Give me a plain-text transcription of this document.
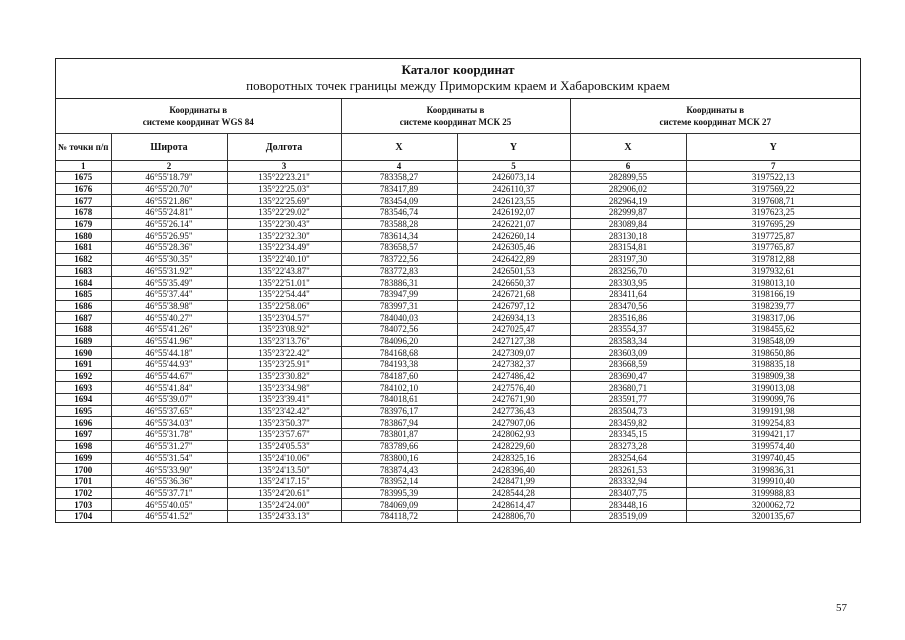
Каталог координат
поворотных точек границы между Приморским краем и Хабаровским краем
Координаты в
системе координат WGS 84			Координаты в
системе координат МСК 25		Координаты в
системе координат МСК 27	
№ точки п/п	Широта	Долгота	X	Y	X	Y
1	2	3	4	5	6	7
1675	46°55'18.79"	135°22'23.21"	783358,27	2426073,14	282899,55	3197522,13
1676	46°55'20.70"	135°22'25.03"	783417,89	2426110,37	282906,02	3197569,22
1677	46°55'21.86"	135°22'25.69"	783454,09	2426123,55	282964,19	3197608,71
1678	46°55'24.81"	135°22'29.02"	783546,74	2426192,07	282999,87	3197623,25
1679	46°55'26.14"	135°22'30.43"	783588,28	2426221,07	283089,84	3197695,29
1680	46°55'26.95"	135°22'32.30"	783614,34	2426260,14	283130,18	3197725,87
1681	46°55'28.36"	135°22'34.49"	783658,57	2426305,46	283154,81	3197765,87
1682	46°55'30.35"	135°22'40.10"	783722,56	2426422,89	283197,30	3197812,88
1683	46°55'31.92"	135°22'43.87"	783772,83	2426501,53	283256,70	3197932,61
1684	46°55'35.49"	135°22'51.01"	783886,31	2426650,37	283303,95	3198013,10
1685	46°55'37.44"	135°22'54.44"	783947,99	2426721,68	283411,64	3198166,19
1686	46°55'38.98"	135°22'58.06"	783997,31	2426797,12	283470,56	3198239,77
1687	46°55'40.27"	135°23'04.57"	784040,03	2426934,13	283516,86	3198317,06
1688	46°55'41.26"	135°23'08.92"	784072,56	2427025,47	283554,37	3198455,62
1689	46°55'41.96"	135°23'13.76"	784096,20	2427127,38	283583,34	3198548,09
1690	46°55'44.18"	135°23'22.42"	784168,68	2427309,07	283603,09	3198650,86
1691	46°55'44.93"	135°23'25.91"	784193,38	2427382,37	283668,59	3198835,18
1692	46°55'44.67"	135°23'30.82"	784187,60	2427486,42	283690,47	3198909,38
1693	46°55'41.84"	135°23'34.98"	784102,10	2427576,40	283680,71	3199013,08
1694	46°55'39.07"	135°23'39.41"	784018,61	2427671,90	283591,77	3199099,76
1695	46°55'37.65"	135°23'42.42"	783976,17	2427736,43	283504,73	3199191,98
1696	46°55'34.03"	135°23'50.37"	783867,94	2427907,06	283459,82	3199254,83
1697	46°55'31.78"	135°23'57.67"	783801,87	2428062,93	283345,15	3199421,17
1698	46°55'31.27"	135°24'05.53"	783789,66	2428229,60	283273,28	3199574,40
1699	46°55'31.54"	135°24'10.06"	783800,16	2428325,16	283254,64	3199740,45
1700	46°55'33.90"	135°24'13.50"	783874,43	2428396,40	283261,53	3199836,31
1701	46°55'36.36"	135°24'17.15"	783952,14	2428471,99	283332,94	3199910,40
1702	46°55'37.71"	135°24'20.61"	783995,39	2428544,28	283407,75	3199988,83
1703	46°55'40.05"	135°24'24.00"	784069,09	2428614,47	283448,16	3200062,72
1704	46°55'41.52"	135°24'33.13"	784118,72	2428806,70	283519,09	3200135,67
57
